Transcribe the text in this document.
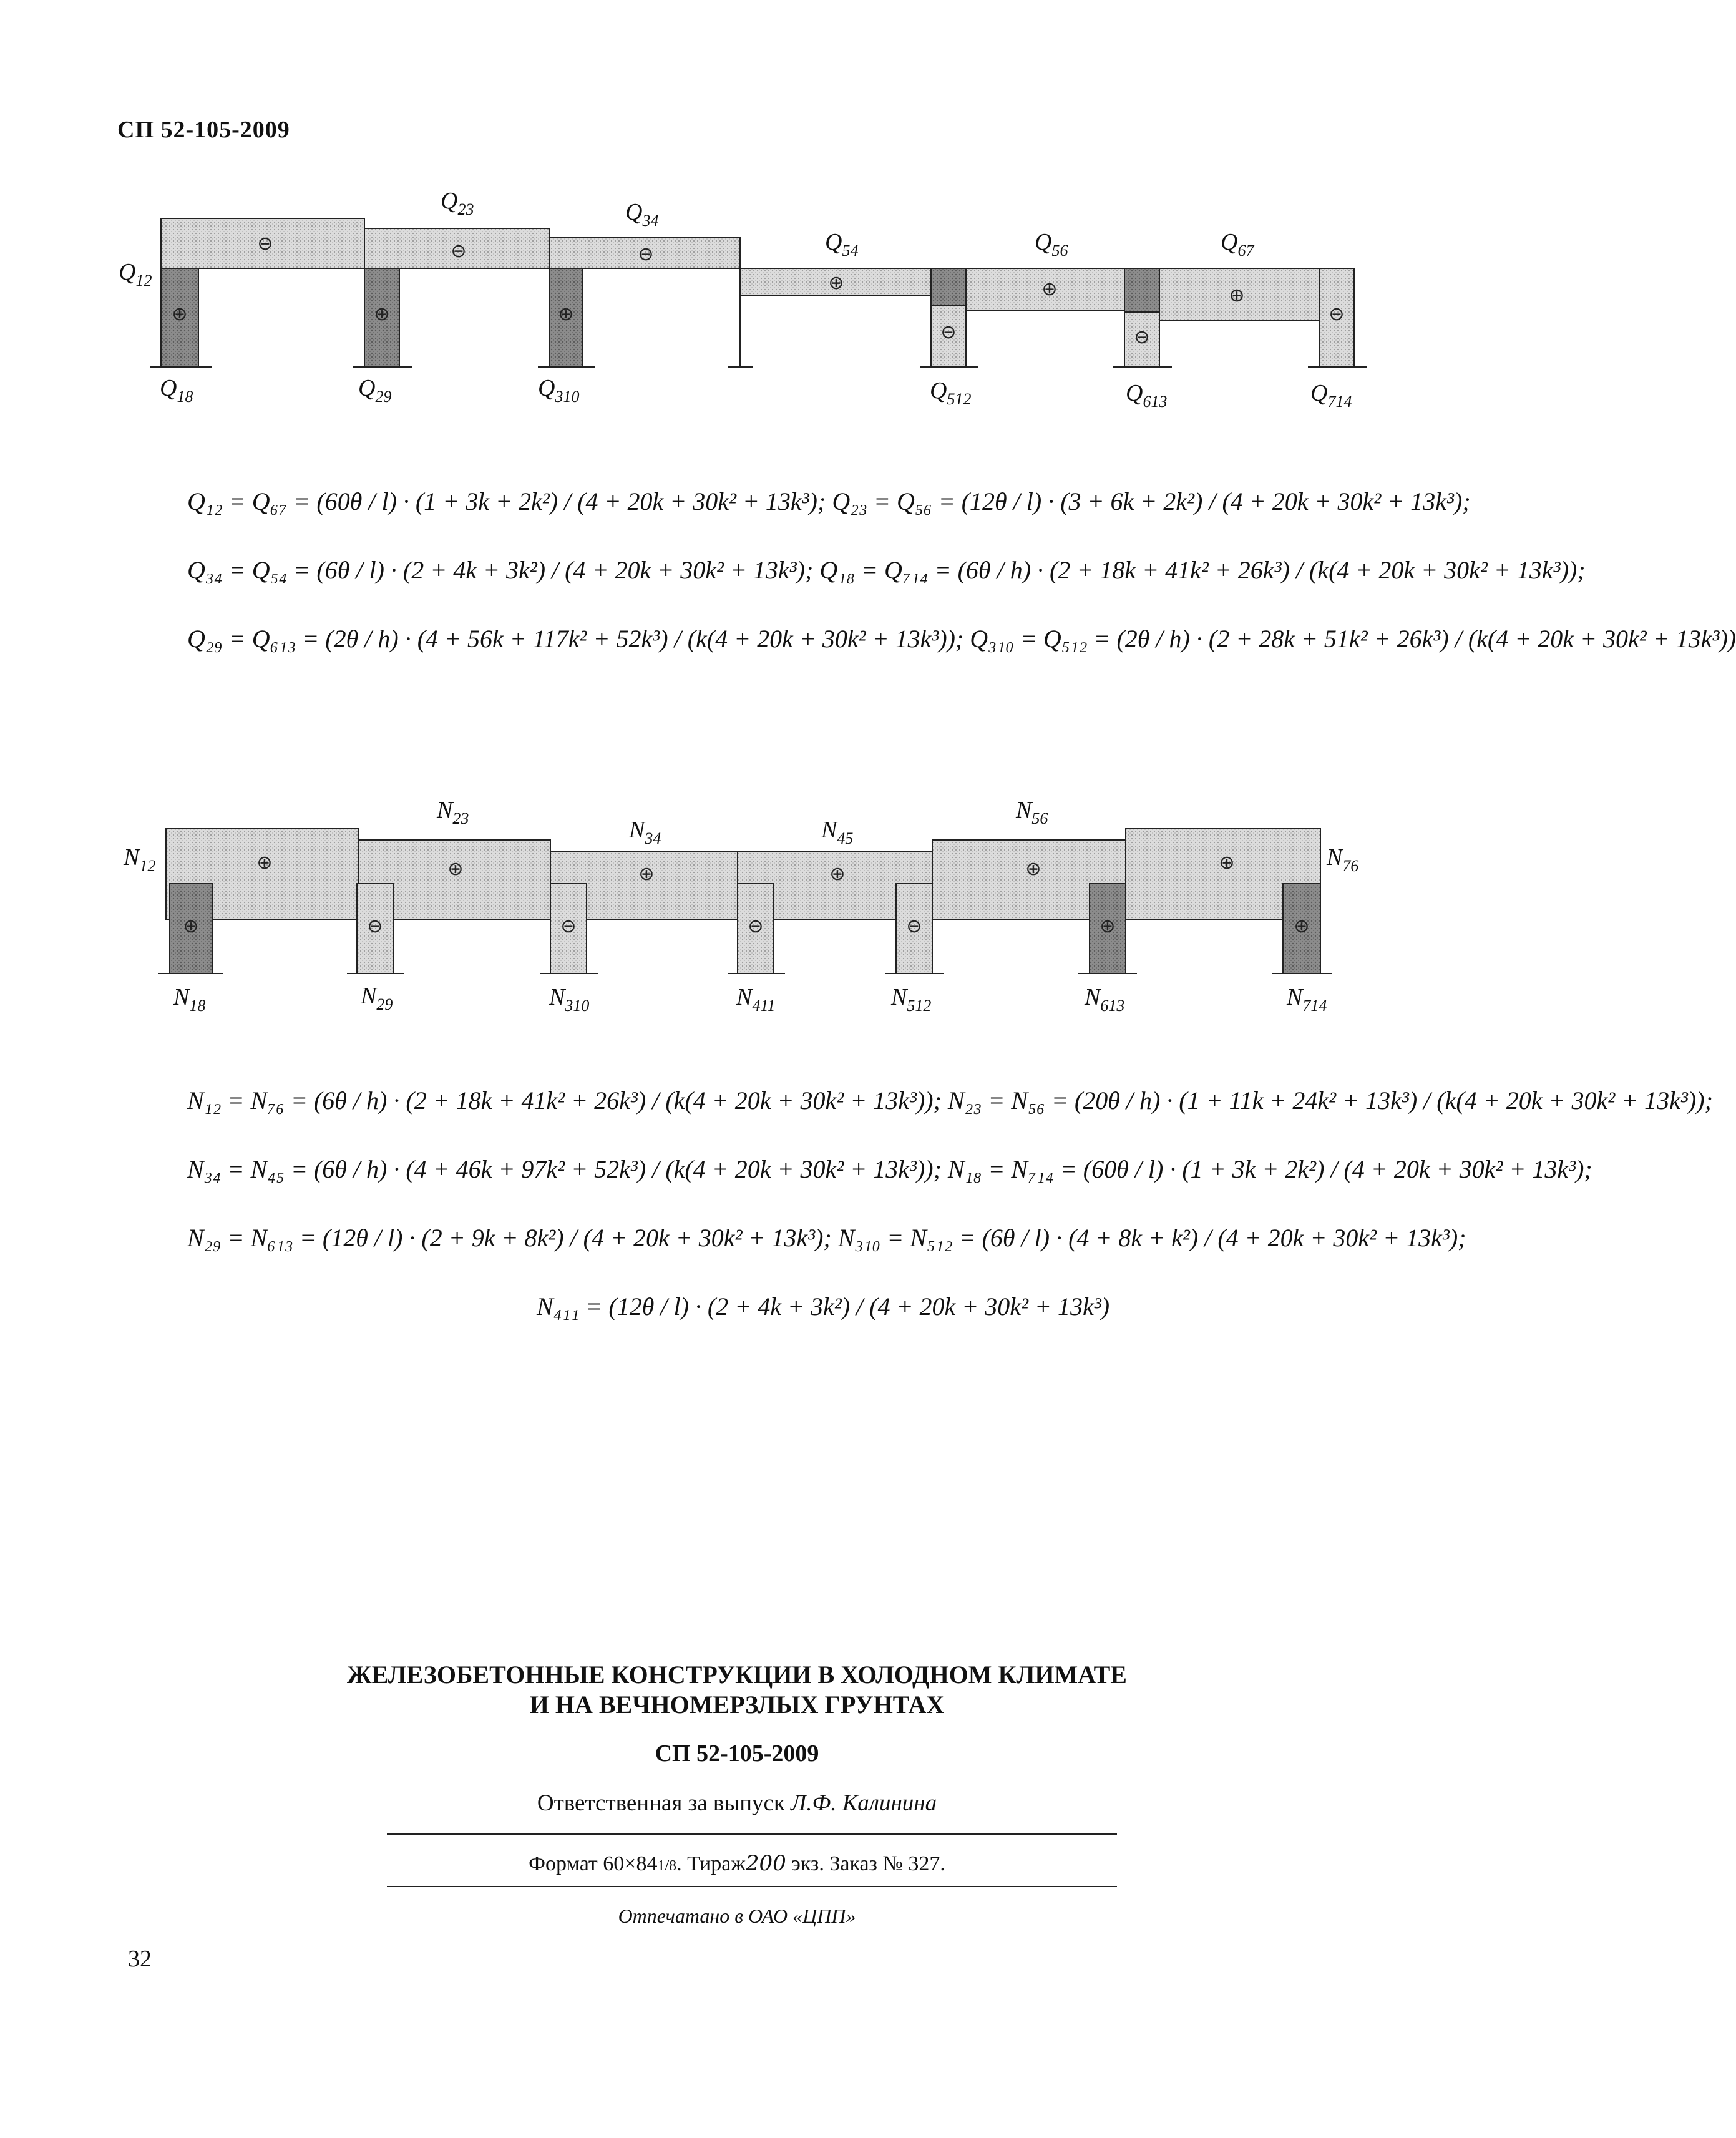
СП 52-105-2009
⊖	⊖	⊖
⊕	⊕	⊕
⊕	⊕	⊕
⊖	⊖
⊖
$Q_{12}$
$Q_{23}$	$Q_{34}$
$Q_{54}$	$Q_{56}$	$Q_{67}$
$Q_{18}$	$Q_{29}$	$Q_{310}$	$Q_{512}$	$Q_{613}$	$Q_{714}$
Q₁₂ = Q₆₇ = (60θ / l) · (1 + 3k + 2k²) / (4 + 20k + 30k² + 13k³); Q₂₃ = Q₅₆ = (12θ / l) · (3 + 6k + 2k²) / (4 + 20k + 30k² + 13k³);
Q₃₄ = Q₅₄ = (6θ / l) · (2 + 4k + 3k²) / (4 + 20k + 30k² + 13k³); Q₁₈ = Q₇₁₄ = (6θ / h) · (2 + 18k + 41k² + 26k³) / (k(4 + 20k + 30k² + 13k³));
Q₂₉ = Q₆₁₃ = (2θ / h) · (4 + 56k + 117k² + 52k³) / (k(4 + 20k + 30k² + 13k³)); Q₃₁₀ = Q₅₁₂ = (2θ / h) · (2 + 28k + 51k² + 26k³) / (k(4 + 20k + 30k² + 13k³))
⊕	⊕	⊕	⊕	⊕	⊕
⊕	⊖	⊖	⊖	⊖	⊕	⊕
$N_{12}$
$N_{23}$	$N_{34}$	$N_{45}$
$N_{56}$
$N_{76}$
$N_{18}$	$N_{29}$	$N_{310}$	$N_{411}$	$N_{512}$	$N_{613}$	$N_{714}$
N₁₂ = N₇₆ = (6θ / h) · (2 + 18k + 41k² + 26k³) / (k(4 + 20k + 30k² + 13k³)); N₂₃ = N₅₆ = (20θ / h) · (1 + 11k + 24k² + 13k³) / (k(4 + 20k + 30k² + 13k³));
N₃₄ = N₄₅ = (6θ / h) · (4 + 46k + 97k² + 52k³) / (k(4 + 20k + 30k² + 13k³)); N₁₈ = N₇₁₄ = (60θ / l) · (1 + 3k + 2k²) / (4 + 20k + 30k² + 13k³);
N₂₉ = N₆₁₃ = (12θ / l) · (2 + 9k + 8k²) / (4 + 20k + 30k² + 13k³); N₃₁₀ = N₅₁₂ = (6θ / l) · (4 + 8k + k²) / (4 + 20k + 30k² + 13k³);
N₄₁₁ = (12θ / l) · (2 + 4k + 3k²) / (4 + 20k + 30k² + 13k³)
ЖЕЛЕЗОБЕТОННЫЕ КОНСТРУКЦИИ В ХОЛОДНОМ КЛИМАТЕ
И НА ВЕЧНОМЕРЗЛЫХ ГРУНТАХ
СП 52-105-2009
Ответственная за выпуск Л.Ф. Калинина
Формат 60×841/8. Тираж200 экз. Заказ № 327.
Отпечатано в ОАО «ЦПП»
32
